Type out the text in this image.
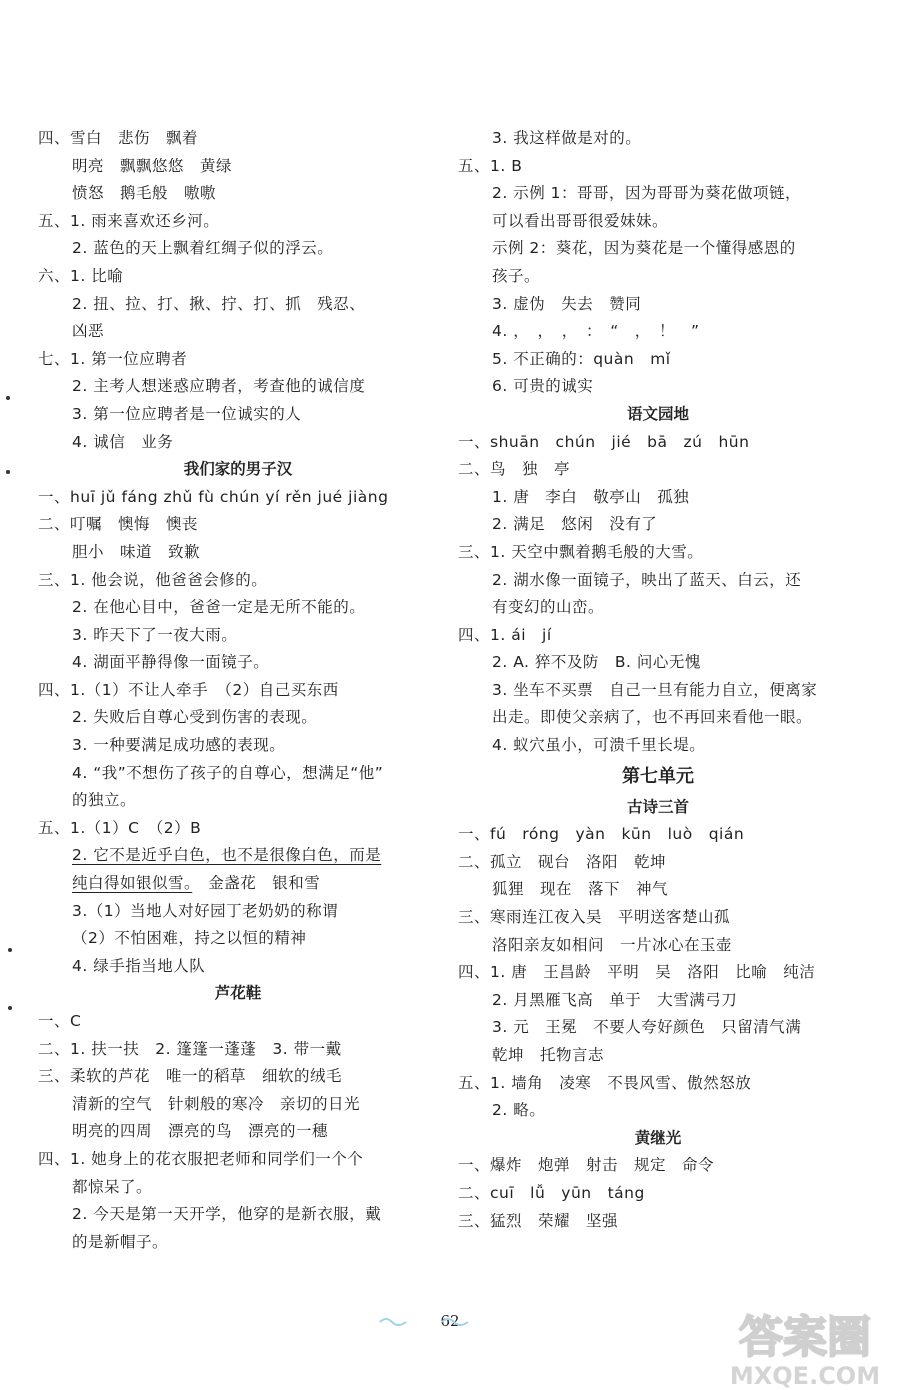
四、雪白　悲伤　飘着
明亮　飘飘悠悠　黄绿
愤怒　鹅毛般　嗷嗷
五、1. 雨来喜欢还乡河。
2. 蓝色的天上飘着红绸子似的浮云。
六、1. 比喻
2. 扭、拉、打、揪、拧、打、抓　残忍、
凶恶
七、1. 第一位应聘者
2. 主考人想迷惑应聘者，考查他的诚信度
3. 第一位应聘者是一位诚实的人
4. 诚信　业务
我们家的男子汉
一、huī jǔ fáng zhǔ fù chún yí rěn jué jiàng
二、叮嘱　懊悔　懊丧
胆小　味道　致歉
三、1. 他会说，他爸爸会修的。
2. 在他心目中，爸爸一定是无所不能的。
3. 昨天下了一夜大雨。
4. 湖面平静得像一面镜子。
四、1.（1）不让人牵手　（2）自己买东西
2. 失败后自尊心受到伤害的表现。
3. 一种要满足成功感的表现。
4. “我”不想伤了孩子的自尊心，想满足“他”
的独立。
五、1.（1）C　（2）B
2. 它不是近乎白色，也不是很像白色，而是
纯白得如银似雪。　金盏花　银和雪
3.（1）当地人对好园丁老奶奶的称谓
（2）不怕困难，持之以恒的精神
4. 绿手指当地人队
芦花鞋
一、C
二、1. 扶一扶　2. 篷篷一蓬蓬　3. 带一戴
三、柔软的芦花　唯一的稻草　细软的绒毛
清新的空气　针刺般的寒冷　亲切的日光
明亮的四周　漂亮的鸟　漂亮的一穗
四、1. 她身上的花衣服把老师和同学们一个个
都惊呆了。
2. 今天是第一天开学，他穿的是新衣服，戴
的是新帽子。
3. 我这样做是对的。
五、1. B
2. 示例 1：哥哥，因为哥哥为葵花做项链，
可以看出哥哥很爱妹妹。
示例 2：葵花，因为葵花是一个懂得感恩的
孩子。
3. 虚伪　失去　赞同
4. ，　，　，　：　“　，　！　”
5. 不正确的：quàn　mǐ
6. 可贵的诚实
语文园地
一、shuān　chún　jié　bā　zú　hūn
二、鸟　独　亭
1. 唐　李白　敬亭山　孤独
2. 满足　悠闲　没有了
三、1. 天空中飘着鹅毛般的大雪。
2. 湖水像一面镜子，映出了蓝天、白云，还
有变幻的山峦。
四、1. ái　jí
2. A. 猝不及防　B. 问心无愧
3. 坐车不买票　自己一旦有能力自立，便离家
出走。即使父亲病了，也不再回来看他一眼。
4. 蚁穴虽小，可溃千里长堤。
第七单元
古诗三首
一、fú　róng　yàn　kūn　luò　qián
二、孤立　砚台　洛阳　乾坤
狐狸　现在　落下　神气
三、寒雨连江夜入吴　平明送客楚山孤
洛阳亲友如相问　一片冰心在玉壶
四、1. 唐　王昌龄　平明　吴　洛阳　比喻　纯洁
2. 月黑雁飞高　单于　大雪满弓刀
3. 元　王冕　不要人夸好颜色　只留清气满
乾坤　托物言志
五、1. 墙角　凌寒　不畏风雪、傲然怒放
2. 略。
黄继光
一、爆炸　炮弹　射击　规定　命令
二、cuī　lǚ　yūn　táng
三、猛烈　荣耀　坚强
62	答案圈
MXQE.COM
